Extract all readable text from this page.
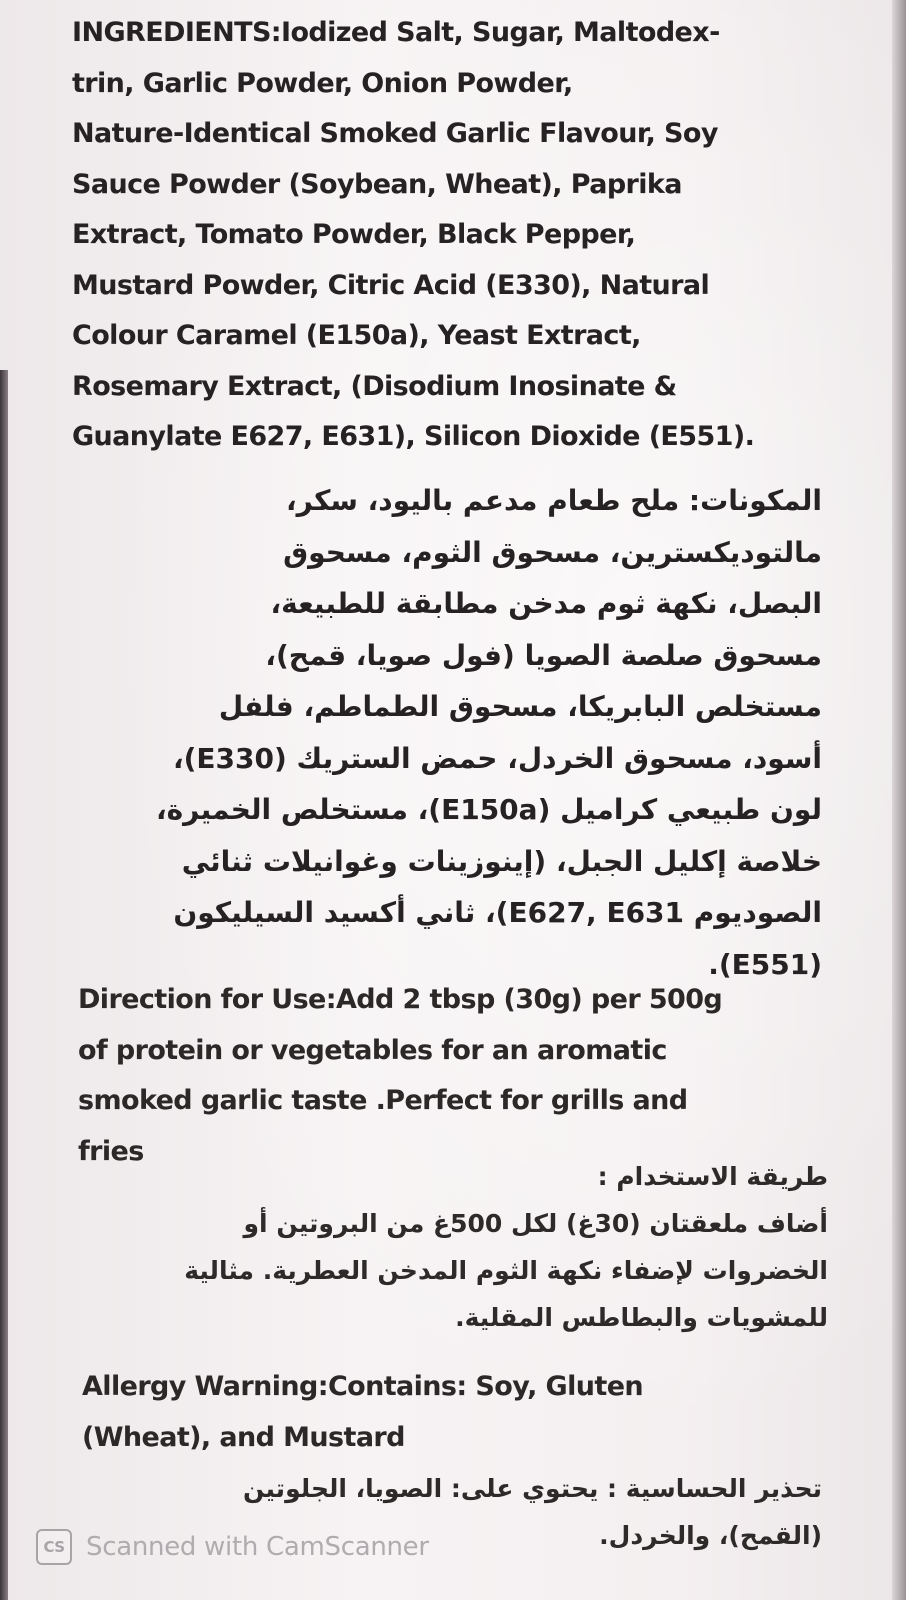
INGREDIENTS:Iodized Salt, Sugar, Maltodex-
trin, Garlic Powder, Onion Powder,
Nature-Identical Smoked Garlic Flavour, Soy
Sauce Powder (Soybean, Wheat), Paprika
Extract, Tomato Powder, Black Pepper,
Mustard Powder, Citric Acid (E330), Natural
Colour Caramel (E150a), Yeast Extract,
Rosemary Extract, (Disodium Inosinate &
Guanylate E627, E631), Silicon Dioxide (E551).

المكونات: ملح طعام مدعم باليود، سكر،
مالتوديكسترين، مسحوق الثوم، مسحوق
البصل، نكهة ثوم مدخن مطابقة للطبيعة،
مسحوق صلصة الصويا (فول صويا، قمح)،
مستخلص البابريكا، مسحوق الطماطم، فلفل
أسود، مسحوق الخردل، حمض الستريك (E330)،
لون طبيعي كراميل (E150a)، مستخلص الخميرة،
خلاصة إكليل الجبل، (إينوزينات وغوانيلات ثنائي
الصوديوم E627, E631)، ثاني أكسيد السيليكون
(E551).

Direction for Use:Add 2 tbsp (30g) per 500g
of protein or vegetables for an aromatic
smoked garlic taste .Perfect for grills and
fries

طريقة الاستخدام :
أضاف ملعقتان (30غ) لكل 500غ من البروتين أو
الخضروات لإضفاء نكهة الثوم المدخن العطرية. مثالية
للمشويات والبطاطس المقلية.

Allergy Warning:Contains: Soy, Gluten
(Wheat), and Mustard

تحذير الحساسية : يحتوي على: الصويا، الجلوتين
(القمح)، والخردل.

CS Scanned with CamScanner
